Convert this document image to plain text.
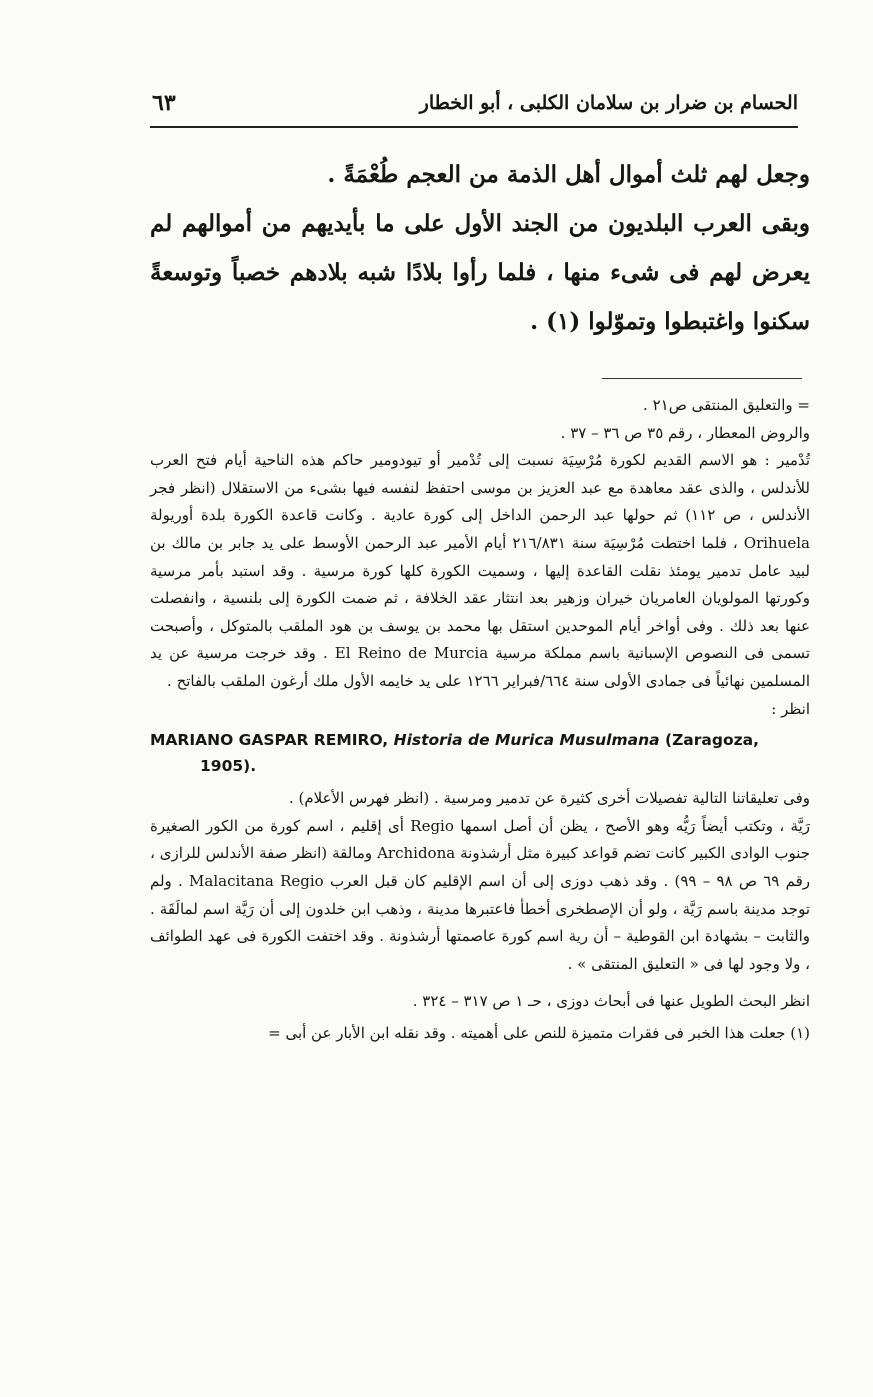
الحسام بن ضرار بن سلامان الكلبى ، أبو الخطار
٦٣

وجعل لهم ثلث أموال أهل الذمة من العجم طُعْمَةً .

وبقى العرب البلديون من الجند الأول على ما بأيديهم من أموالهم لم يعرض لهم فى شىء منها ، فلما رأوا بلادًا شبه بلادهم خصباً وتوسعةً سكنوا واغتبطوا وتموّلوا (١) .

= والتعليق المنتقى ص٢١ .

والروض المعطار ، رقم ٣٥ ص ٣٦ – ٣٧ .

تُدْمير : هو الاسم القديم لكورة مُرْسِيَة نسبت إلى تُدْمير أو تيودومير حاكم هذه الناحية أيام فتح العرب للأندلس ، والذى عقد معاهدة مع عبد العزيز بن موسى احتفظ لنفسه فيها بشىء من الاستقلال (انظر فجر الأندلس ، ص ١١٢) ثم حولها عبد الرحمن الداخل إلى كورة عادية . وكانت قاعدة الكورة بلدة أوريولة Orihuela ، فلما اختطت مُرْسِيَة سنة ٢١٦/٨٣١ أيام الأمير عبد الرحمن الأوسط على يد جابر بن مالك بن لبيد عامل تدمير يومئذ نقلت القاعدة إليها ، وسميت الكورة كلها كورة مرسية . وقد استبد بأمر مرسية وكورتها المولويان العامريان خيران وزهير بعد انتثار عقد الخلافة ، ثم ضمت الكورة إلى بلنسية ، وانفصلت عنها بعد ذلك . وفى أواخر أيام الموحدين استقل بها محمد بن يوسف بن هود الملقب بالمتوكل ، وأصبحت تسمى فى النصوص الإسبانية باسم مملكة مرسية El Reino de Murcia . وقد خرجت مرسية عن يد المسلمين نهائياً فى جمادى الأولى سنة ٦٦٤/فبراير ١٢٦٦ على يد خايمه الأول ملك أرغون الملقب بالفاتح .

انظر :

MARIANO GASPAR REMIRO, Historia de Murica Musulmana (Zaragoza,
1905).

وفى تعليقاتنا التالية تفصيلات أخرى كثيرة عن تدمير ومرسية . (انظر فهرس الأعلام) .

رَيَّة ، وتكتب أيضاً رَيُّه وهو الأصح ، يظن أن أصل اسمها Regio أى إقليم ، اسم كورة من الكور الصغيرة جنوب الوادى الكبير كانت تضم قواعد كبيرة مثل أرشذونة Archidona ومالقة (انظر صفة الأندلس للرازى ، رقم ٦٩ ص ٩٨ – ٩٩) . وقد ذهب دوزى إلى أن اسم الإقليم كان قبل العرب Malacitana Regio . ولم توجد مدينة باسم رَيَّة ، ولو أن الإصطخرى أخطأ فاعتبرها مدينة ، وذهب ابن خلدون إلى أن رَيَّة اسم لمالَقَة . والثابت – بشهادة ابن القوطية – أن رية اسم كورة عاصمتها أرشذونة . وقد اختفت الكورة فى عهد الطوائف ، ولا وجود لها فى « التعليق المنتقى » .

انظر البحث الطويل عنها فى أبحاث دوزى ، حـ ١ ص ٣١٧ – ٣٢٤ .

(١) جعلت هذا الخبر فى فقرات متميزة للنص على أهميته . وقد نقله ابن الأبار عن أبى =
